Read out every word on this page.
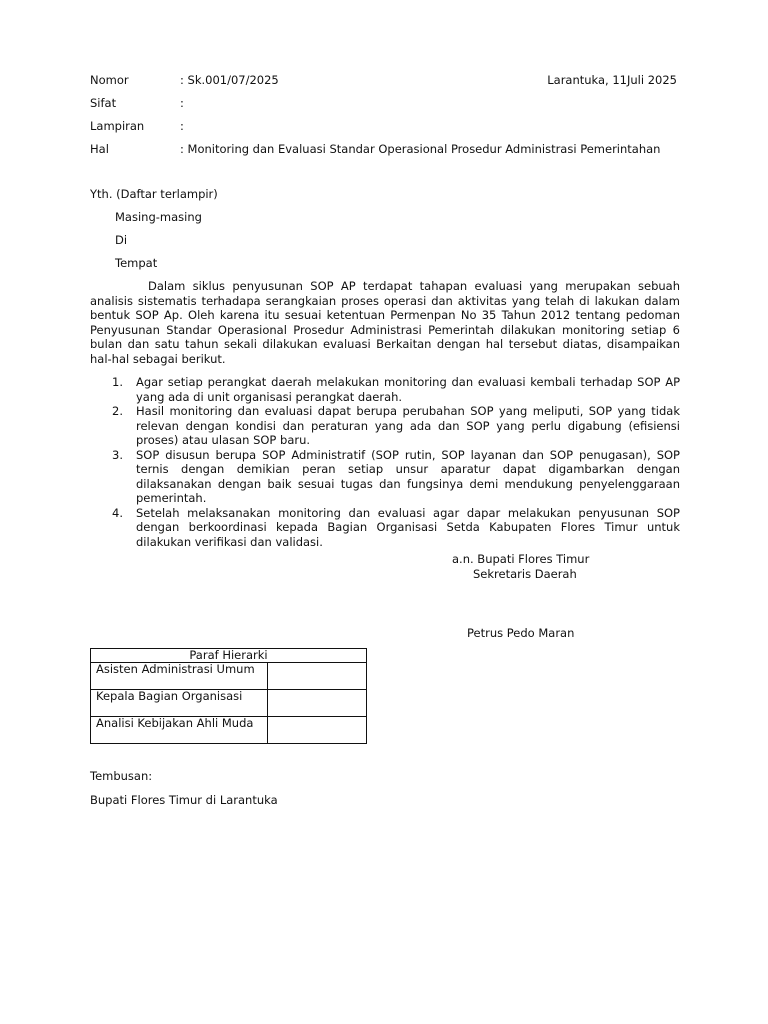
Nomor	: Sk.001/07/2025	Larantuka, 11Juli 2025
Sifat	:
Lampiran	:
Hal	: Monitoring dan Evaluasi Standar Operasional Prosedur Administrasi Pemerintahan
Yth. (Daftar terlampir)
Masing-masing
Di
Tempat
Dalam siklus penyusunan SOP AP terdapat tahapan evaluasi yang merupakan sebuah analisis sistematis terhadapa serangkaian proses operasi dan aktivitas yang telah di lakukan dalam bentuk SOP Ap. Oleh karena itu sesuai ketentuan Permenpan No 35 Tahun 2012 tentang pedoman Penyusunan Standar Operasional Prosedur Administrasi Pemerintah dilakukan monitoring setiap 6 bulan dan satu tahun sekali dilakukan evaluasi Berkaitan dengan hal tersebut diatas, disampaikan hal-hal sebagai berikut.
1. Agar setiap perangkat daerah melakukan monitoring dan evaluasi kembali terhadap SOP AP yang ada di unit organisasi perangkat daerah.
2. Hasil monitoring dan evaluasi dapat berupa perubahan SOP yang meliputi, SOP yang tidak relevan dengan kondisi dan peraturan yang ada dan SOP yang perlu digabung (efisiensi proses) atau ulasan SOP baru.
3. SOP disusun berupa SOP Administratif (SOP rutin, SOP layanan dan SOP penugasan), SOP ternis dengan demikian peran setiap unsur aparatur dapat digambarkan dengan dilaksanakan dengan baik sesuai tugas dan fungsinya demi mendukung penyelenggaraan pemerintah.
4. Setelah melaksanakan monitoring dan evaluasi agar dapar melakukan penyusunan SOP dengan berkoordinasi kepada Bagian Organisasi Setda Kabupaten Flores Timur untuk dilakukan verifikasi dan validasi.
a.n. Bupati Flores Timur
Sekretaris Daerah
Petrus Pedo Maran
Paraf Hierarki	
Asisten Administrasi Umum	
Kepala Bagian Organisasi	
Analisi Kebijakan Ahli Muda	
Tembusan:
Bupati Flores Timur di Larantuka
